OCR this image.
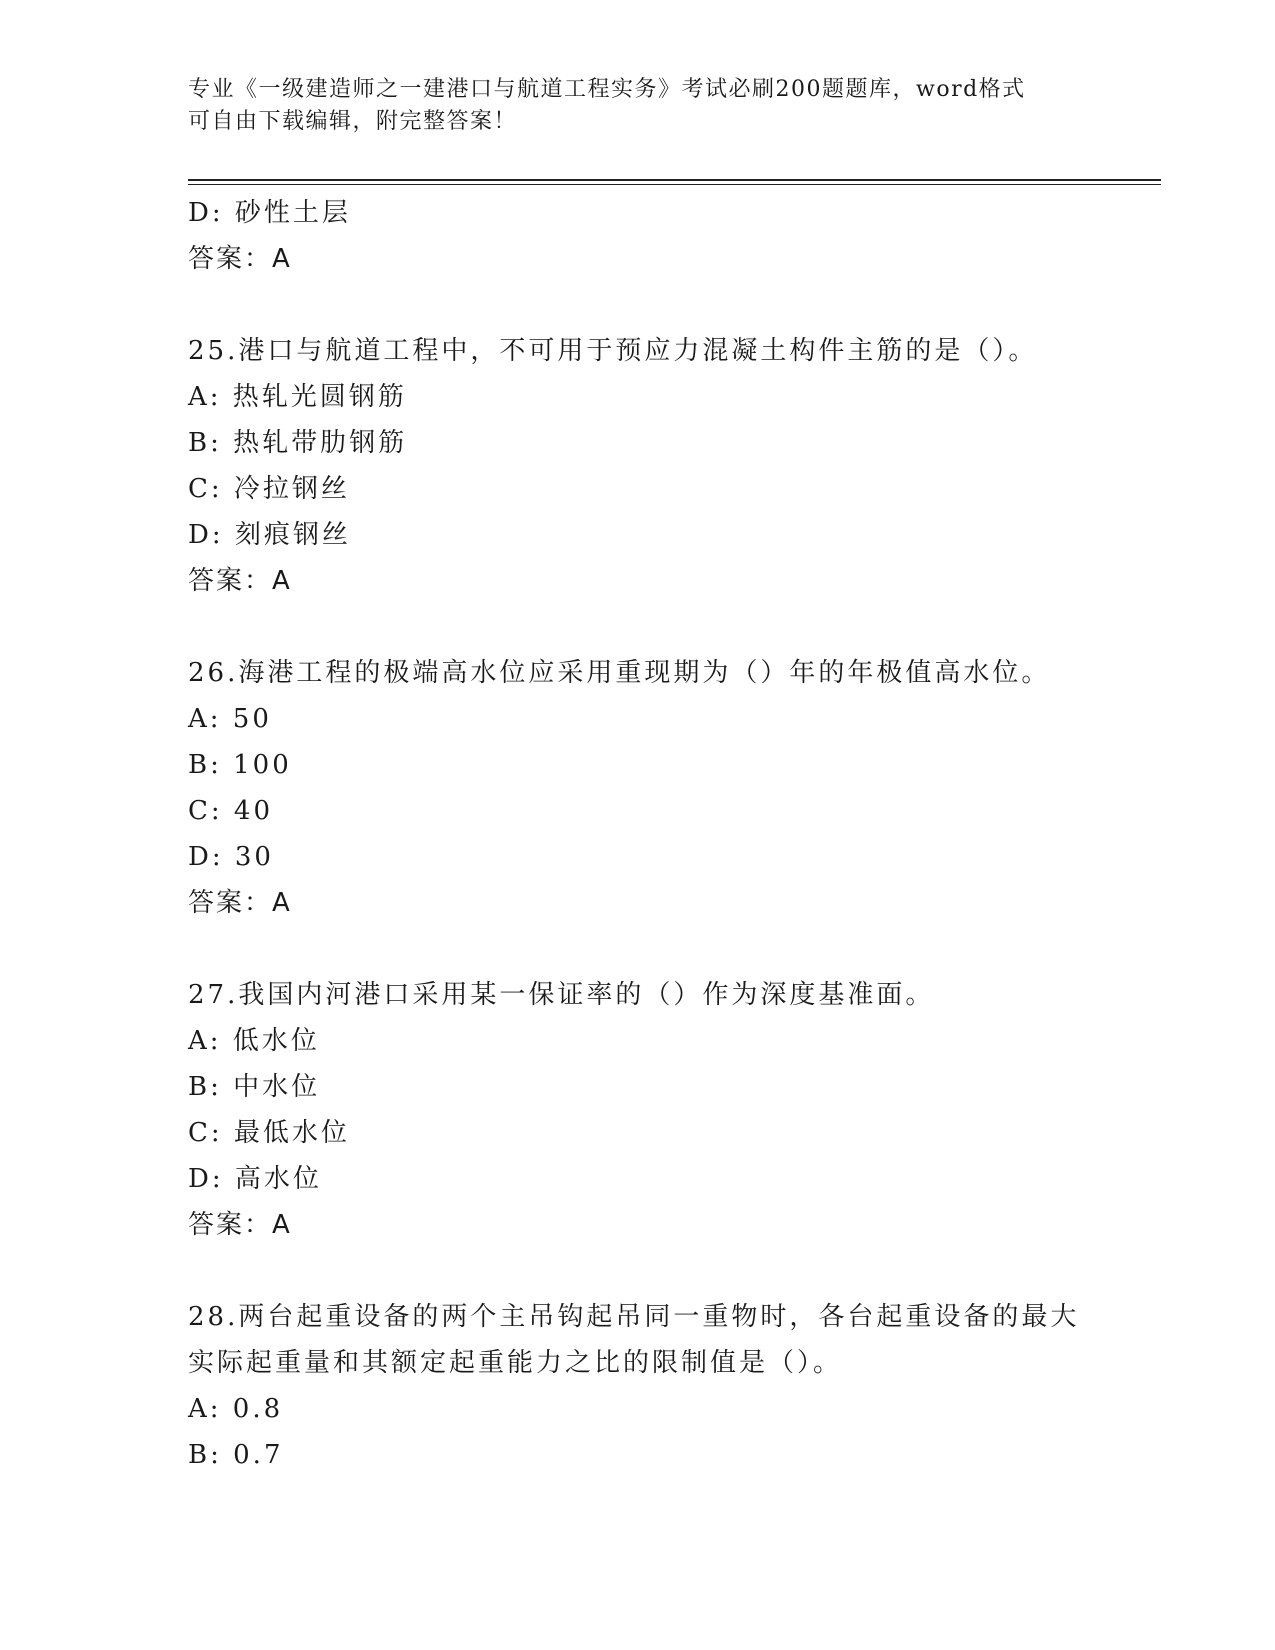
专业《一级建造师之一建港口与航道工程实务》考试必刷200题题库，word格式
可自由下载编辑，附完整答案！
D: 砂性土层
答案：A
25.港口与航道工程中，不可用于预应力混凝土构件主筋的是（）。
A: 热轧光圆钢筋
B: 热轧带肋钢筋
C: 冷拉钢丝
D: 刻痕钢丝
答案：A
26.海港工程的极端高水位应采用重现期为（）年的年极值高水位。
A: 50
B: 100
C: 40
D: 30
答案：A
27.我国内河港口采用某一保证率的（）作为深度基准面。
A: 低水位
B: 中水位
C: 最低水位
D: 高水位
答案：A
28.两台起重设备的两个主吊钩起吊同一重物时，各台起重设备的最大
实际起重量和其额定起重能力之比的限制值是（）。
A: 0.8
B: 0.7
